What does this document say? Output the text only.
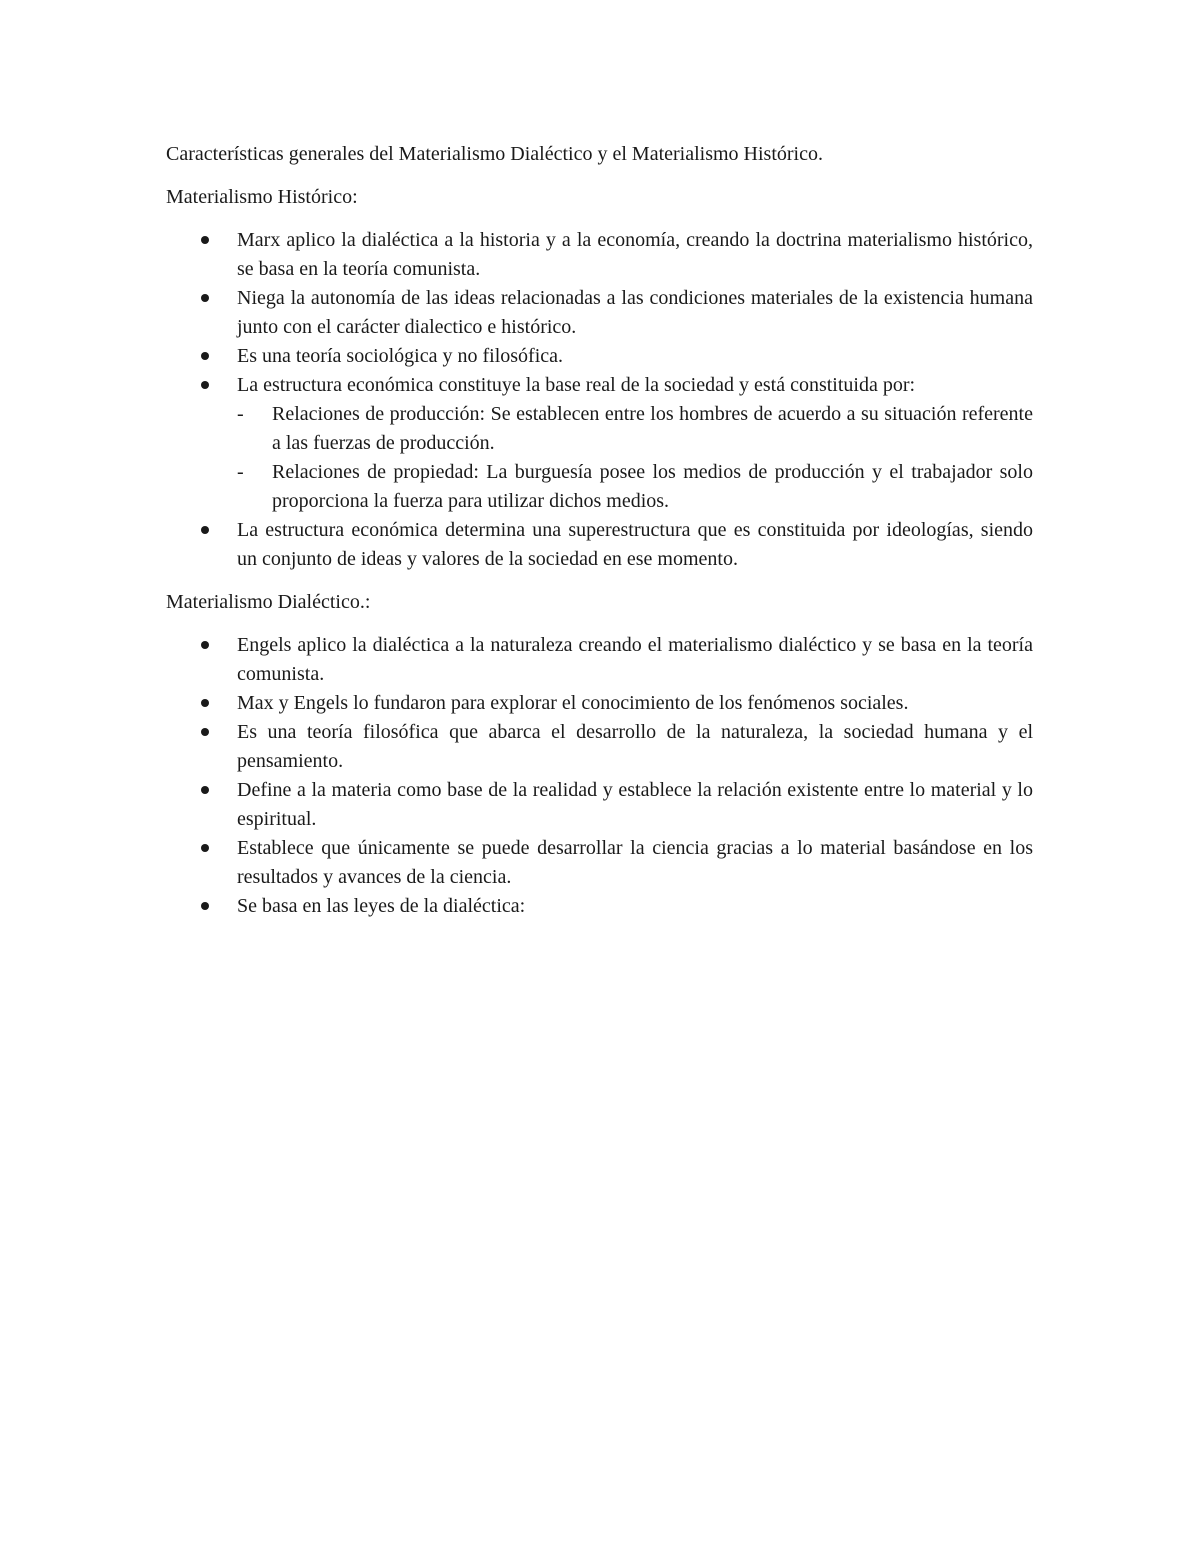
Características generales del Materialismo Dialéctico y el Materialismo Histórico.

Materialismo Histórico:

Marx aplico la dialéctica a la historia y a la economía, creando la doctrina materialismo histórico, se basa en la teoría comunista.
Niega la autonomía de las ideas relacionadas a las condiciones materiales de la existencia humana junto con el carácter dialectico e histórico.
Es una teoría sociológica y no filosófica.
La estructura económica constituye la base real de la sociedad y está constituida por:
- Relaciones de producción: Se establecen entre los hombres de acuerdo a su situación referente a las fuerzas de producción.
- Relaciones de propiedad: La burguesía posee los medios de producción y el trabajador solo proporciona la fuerza para utilizar dichos medios.
La estructura económica determina una superestructura que es constituida por ideologías, siendo un conjunto de ideas y valores de la sociedad en ese momento.

Materialismo Dialéctico.:

Engels aplico la dialéctica a la naturaleza creando el materialismo dialéctico y se basa en la teoría comunista.
Max y Engels lo fundaron para explorar el conocimiento de los fenómenos sociales.
Es una teoría filosófica que abarca el desarrollo de la naturaleza, la sociedad humana y el pensamiento.
Define a la materia como base de la realidad y establece la relación existente entre lo material y lo espiritual.
Establece que únicamente se puede desarrollar la ciencia gracias a lo material basándose en los resultados y avances de la ciencia.
Se basa en las leyes de la dialéctica:
